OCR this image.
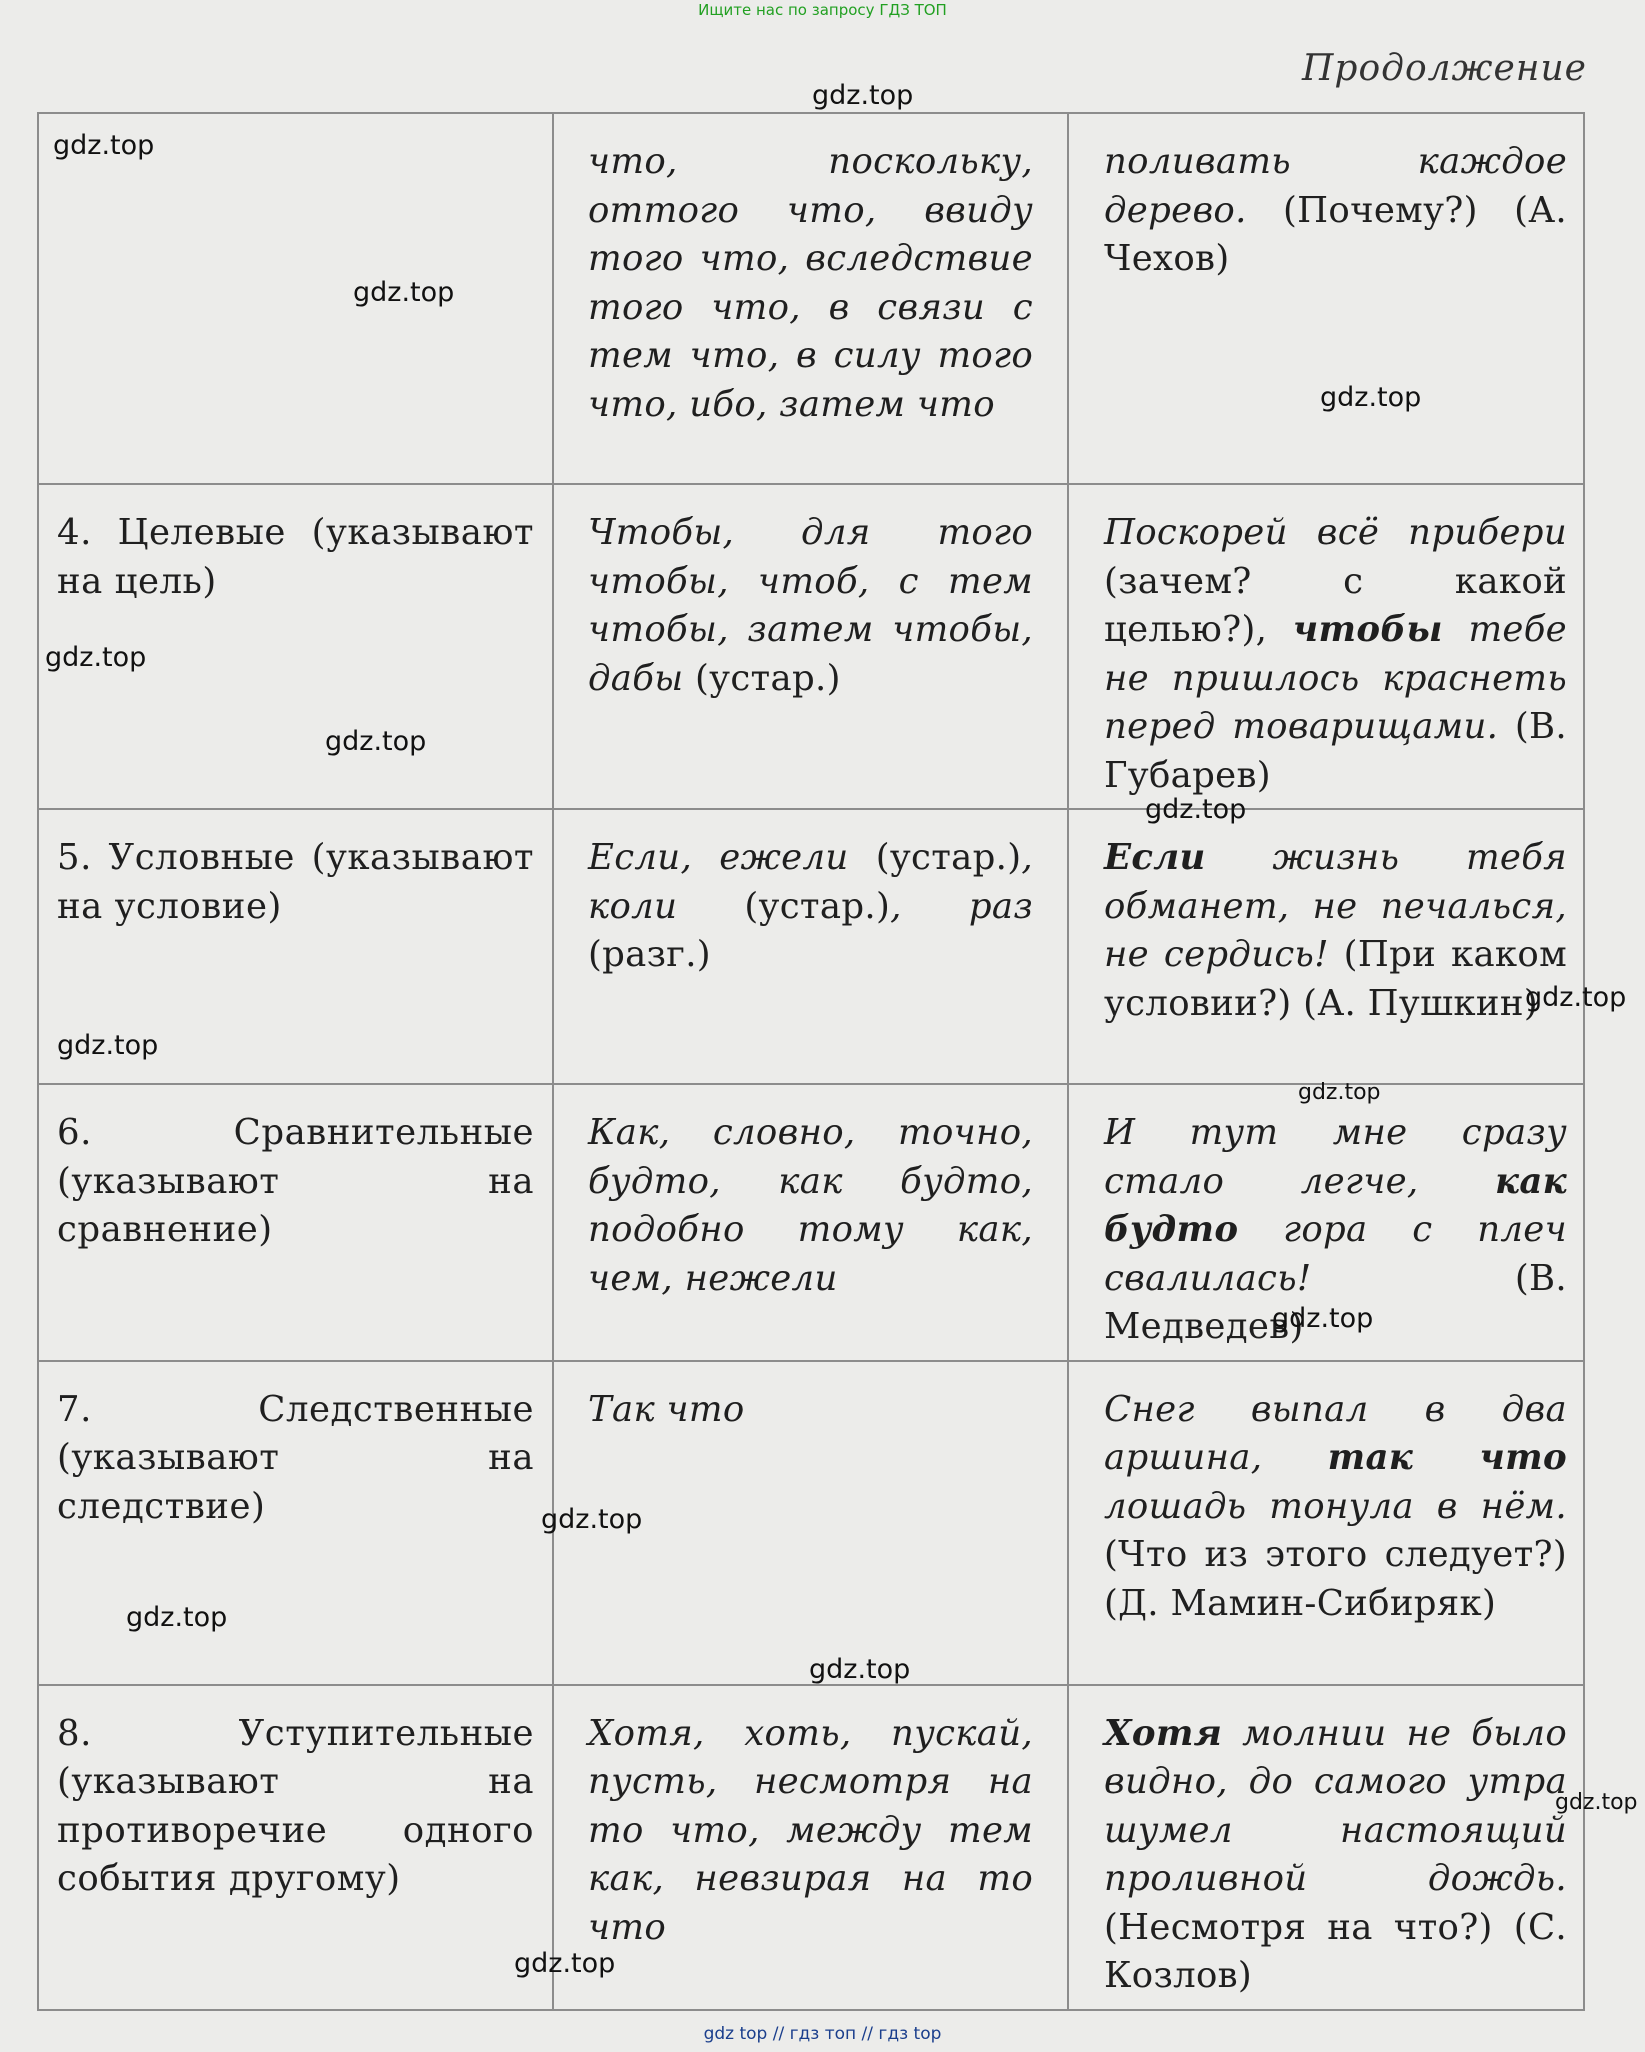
Ищите нас по запросу ГДЗ ТОП
Продолжение

	что, поскольку, оттого что, ввиду того что, вследствие того что, в связи с тем что, в силу того что, ибо, затем что	поливать каждое дерево. (Почему?) (А. Чехов)

4. Целевые (указывают на цель)	Чтобы, для того чтобы, чтоб, с тем чтобы, затем чтобы, дабы (устар.)	Поскорей всё прибери (зачем? с какой целью?), чтобы тебе не пришлось краснеть перед товарищами. (В. Губарев)

5. Условные (указывают на условие)	Если, ежели (устар.), коли (устар.), раз (разг.)	Если жизнь тебя обманет, не печалься, не сердись! (При каком условии?) (А. Пушкин)

6. Сравнительные (указывают на сравнение)	Как, словно, точно, будто, как будто, подобно тому как, чем, нежели	И тут мне сразу стало легче, как будто гора с плеч свалилась! (В. Медведев)

7. Следственные (указывают на следствие)	Так что	Снег выпал в два аршина, так что лошадь тонула в нём. (Что из этого следует?) (Д. Мамин-Сибиряк)

8. Уступительные (указывают на противоречие одного события другому)	Хотя, хоть, пускай, пусть, несмотря на то что, между тем как, невзирая на то что	Хотя молнии не было видно, до самого утра шумел настоящий проливной дождь. (Несмотря на что?) (С. Козлов)
gdz.top
gdz.top
gdz.top
gdz.top
gdz.top
gdz.top
gdz.top
gdz.top
gdz.top
gdz.top
gdz.top
gdz.top
gdz.top
gdz.top
gdz.top
gdz.top
gdz top // гдз топ // гдз top
